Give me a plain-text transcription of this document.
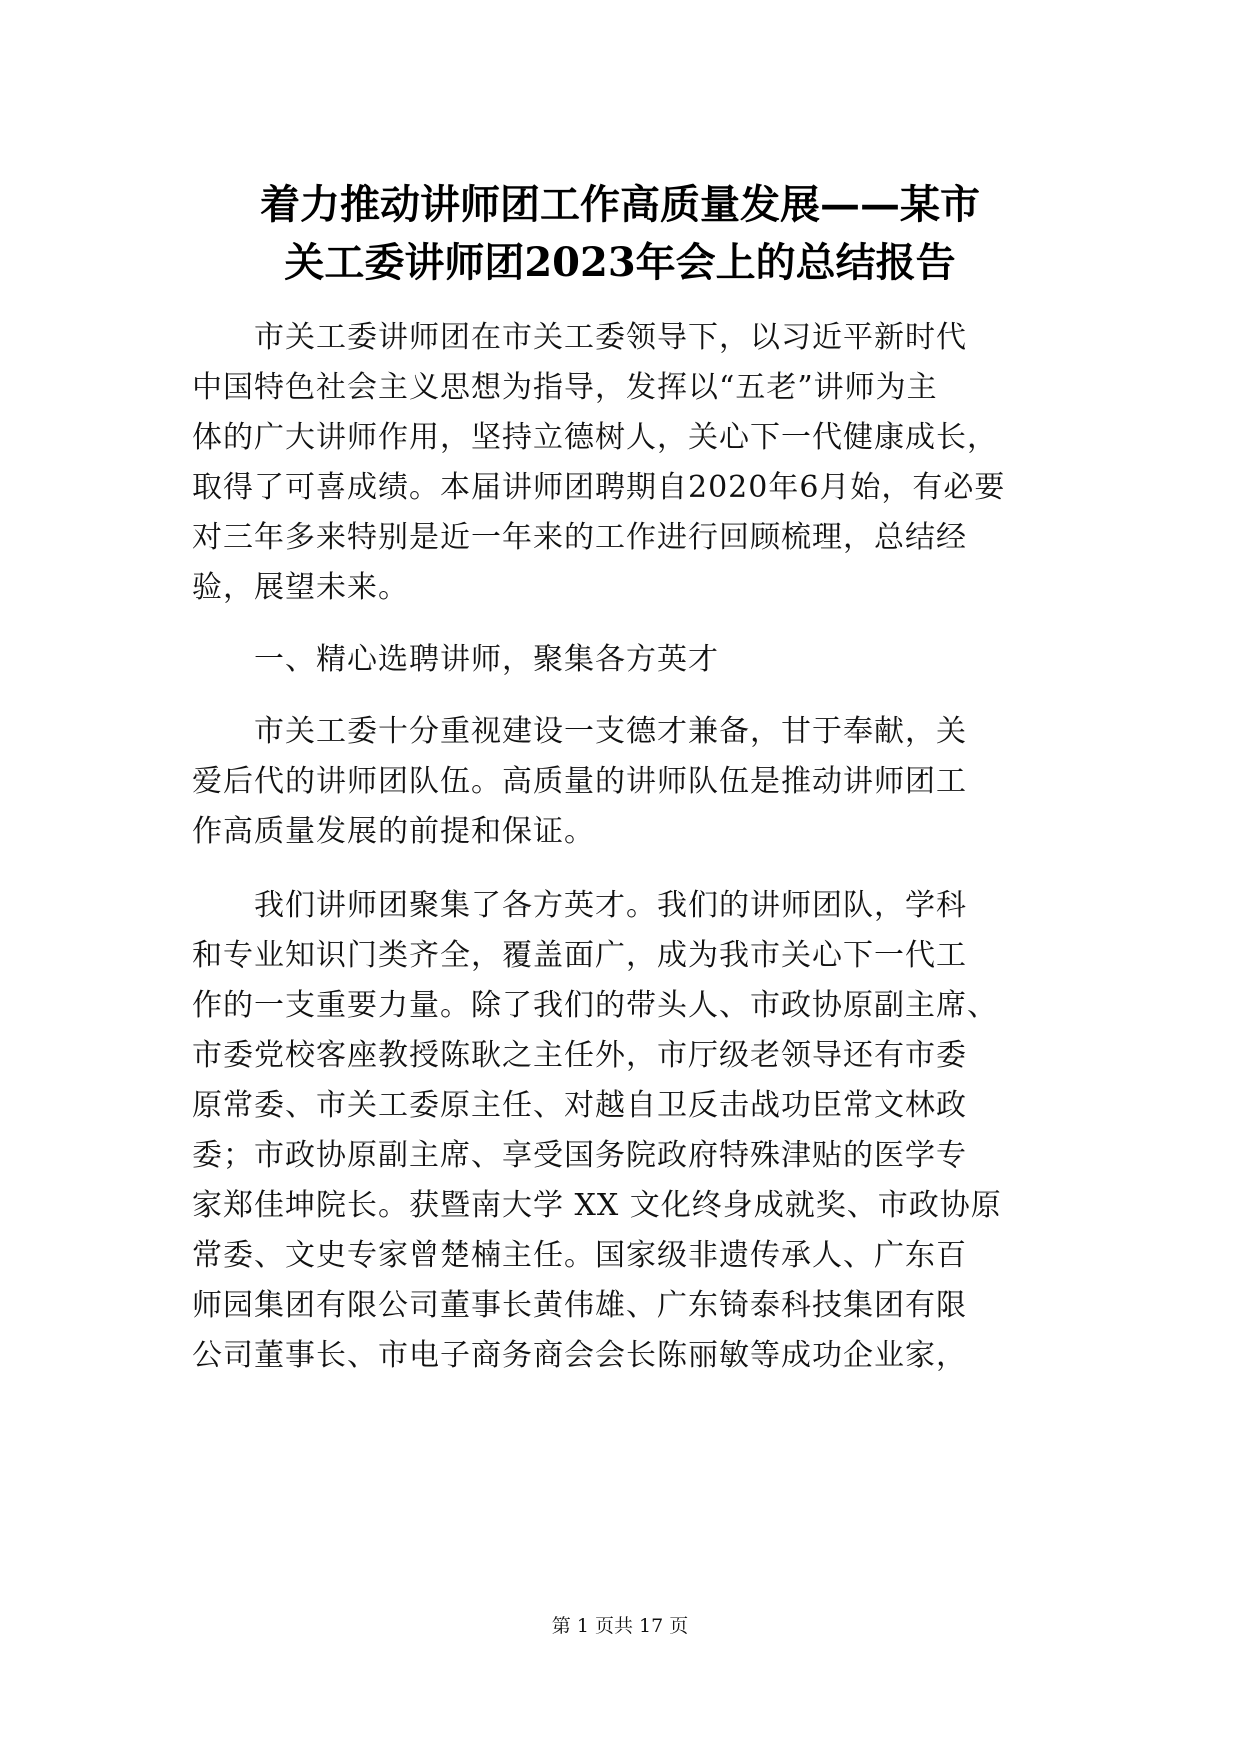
着力推动讲师团工作高质量发展——某市
关工委讲师团2023年会上的总结报告
　　市关工委讲师团在市关工委领导下，以习近平新时代
中国特色社会主义思想为指导，发挥以“五老”讲师为主
体的广大讲师作用，坚持立德树人，关心下一代健康成长，
取得了可喜成绩。本届讲师团聘期自2020年6月始，有必要
对三年多来特别是近一年来的工作进行回顾梳理，总结经
验，展望未来。
　　一、精心选聘讲师，聚集各方英才
　　市关工委十分重视建设一支德才兼备，甘于奉献，关
爱后代的讲师团队伍。高质量的讲师队伍是推动讲师团工
作高质量发展的前提和保证。
　　我们讲师团聚集了各方英才。我们的讲师团队，学科
和专业知识门类齐全，覆盖面广，成为我市关心下一代工
作的一支重要力量。除了我们的带头人、市政协原副主席、
市委党校客座教授陈耿之主任外，市厅级老领导还有市委
原常委、市关工委原主任、对越自卫反击战功臣常文林政
委；市政协原副主席、享受国务院政府特殊津贴的医学专
家郑佳坤院长。获暨南大学 XX 文化终身成就奖、市政协原
常委、文史专家曾楚楠主任。国家级非遗传承人、广东百
师园集团有限公司董事长黄伟雄、广东锜泰科技集团有限
公司董事长、市电子商务商会会长陈丽敏等成功企业家，
第 1 页共 17 页
